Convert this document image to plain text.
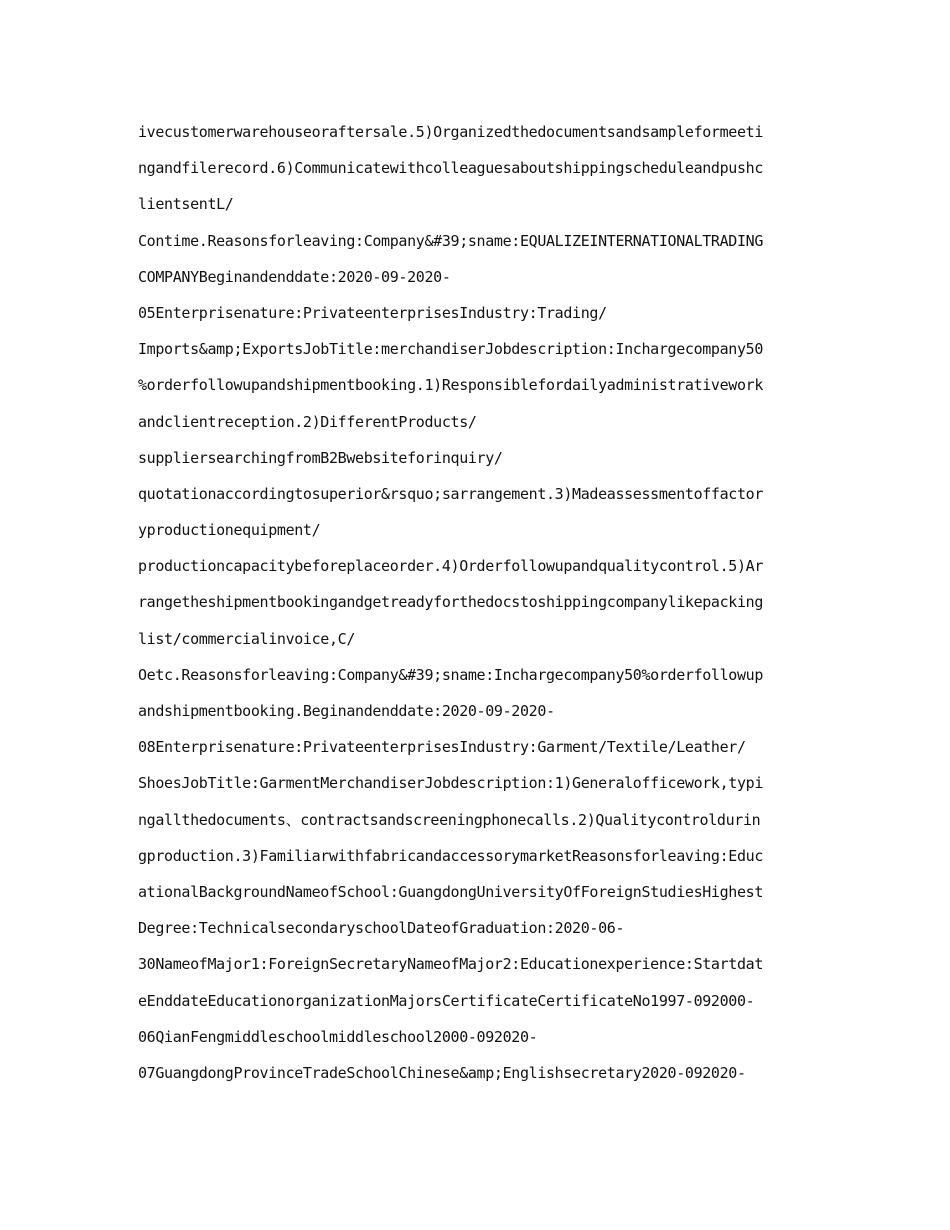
ivecustomerwarehouseoraftersale.5)Organizedthedocumentsandsampleformeeti
ngandfilerecord.6)Communicatewithcolleaguesaboutshippingscheduleandpushc
lientsentL/
Contime.Reasonsforleaving:Company&#39;sname:EQUALIZEINTERNATIONALTRADING
COMPANYBeginandenddate:2020-09-2020-
05Enterprisenature:PrivateenterprisesIndustry:Trading/
Imports&amp;ExportsJobTitle:merchandiserJobdescription:Inchargecompany50
%orderfollowupandshipmentbooking.1)Responsiblefordailyadministrativework
andclientreception.2)DifferentProducts/
suppliersearchingfromB2Bwebsiteforinquiry/
quotationaccordingtosuperior&rsquo;sarrangement.3)Madeassessmentoffactor
yproductionequipment/
productioncapacitybeforeplaceorder.4)Orderfollowupandqualitycontrol.5)Ar
rangetheshipmentbookingandgetreadyforthedocstoshippingcompanylikepacking
list/commercialinvoice,C/
Oetc.Reasonsforleaving:Company&#39;sname:Inchargecompany50%orderfollowup
andshipmentbooking.Beginandenddate:2020-09-2020-
08Enterprisenature:PrivateenterprisesIndustry:Garment/Textile/Leather/
ShoesJobTitle:GarmentMerchandiserJobdescription:1)Generalofficework,typi
ngallthedocuments、contractsandscreeningphonecalls.2)Qualitycontroldurin
gproduction.3)FamiliarwithfabricandaccessorymarketReasonsforleaving:Educ
ationalBackgroundNameofSchool:GuangdongUniversityOfForeignStudiesHighest
Degree:TechnicalsecondaryschoolDateofGraduation:2020-06-
30NameofMajor1:ForeignSecretaryNameofMajor2:Educationexperience:Startdat
eEnddateEducationorganizationMajorsCertificateCertificateNo1997-092000-
06QianFengmiddleschoolmiddleschool2000-092020-
07GuangdongProvinceTradeSchoolChinese&amp;Englishsecretary2020-092020-
